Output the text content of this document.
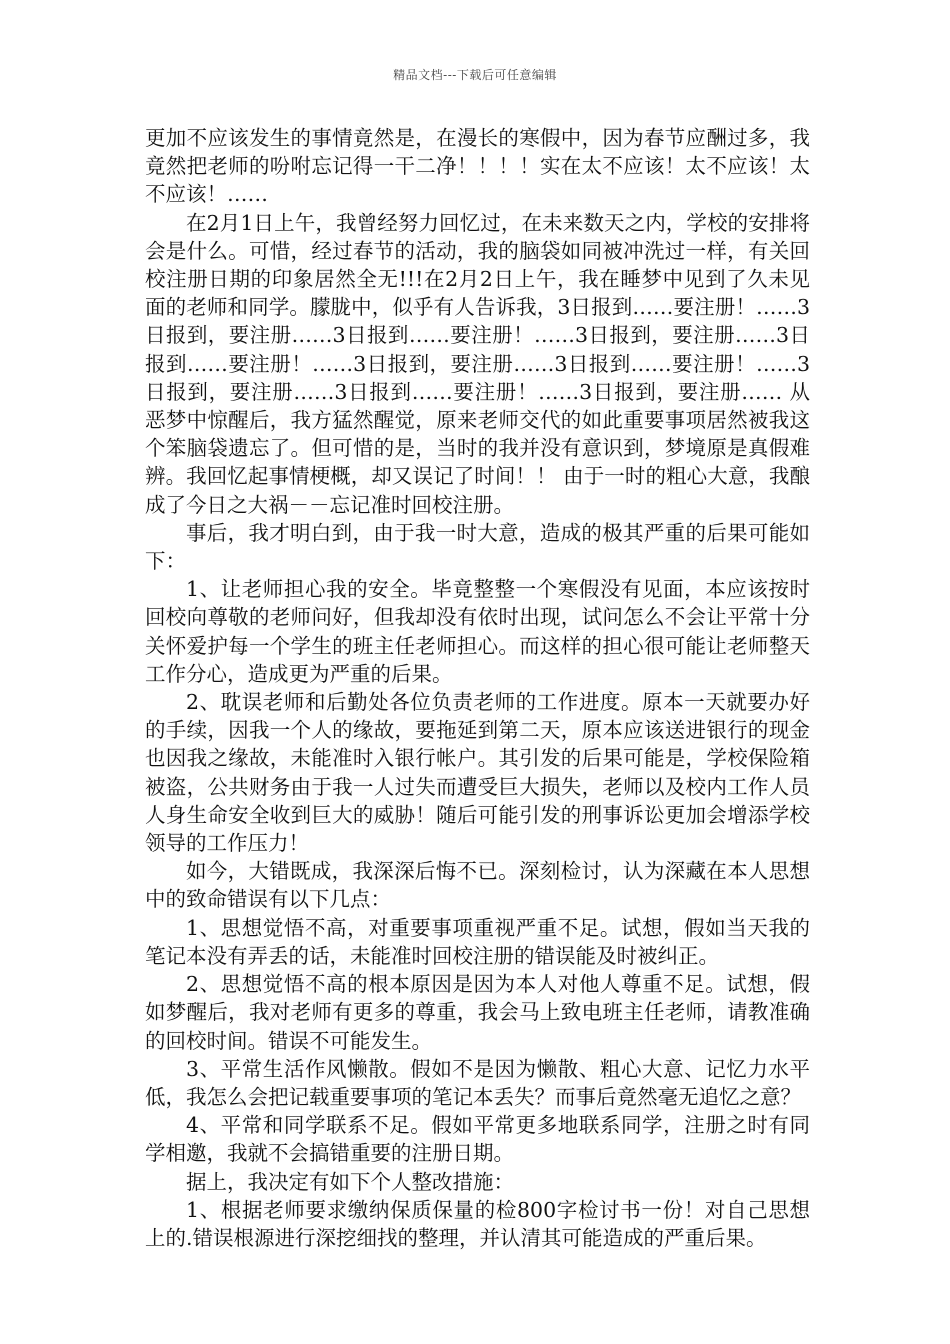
精品文档---下载后可任意编辑

更加不应该发生的事情竟然是，在漫长的寒假中，因为春节应酬过多，我竟然把老师的吩咐忘记得一干二净！！！！实在太不应该！太不应该！太不应该！……

在2月1日上午，我曾经努力回忆过，在未来数天之内，学校的安排将会是什么。可惜，经过春节的活动，我的脑袋如同被冲洗过一样，有关回校注册日期的印象居然全无!!!在2月2日上午，我在睡梦中见到了久未见面的老师和同学。朦胧中，似乎有人告诉我，3日报到……要注册！……3日报到，要注册……3日报到……要注册！……3日报到，要注册……3日报到……要注册！……3日报到，要注册……3日报到……要注册！……3日报到，要注册……3日报到……要注册！……3日报到，要注册…… 从恶梦中惊醒后，我方猛然醒觉，原来老师交代的如此重要事项居然被我这个笨脑袋遗忘了。但可惜的是，当时的我并没有意识到，梦境原是真假难辨。我回忆起事情梗概，却又误记了时间！！ 由于一时的粗心大意，我酿成了今日之大祸－－忘记准时回校注册。

事后，我才明白到，由于我一时大意，造成的极其严重的后果可能如下：

1、让老师担心我的安全。毕竟整整一个寒假没有见面，本应该按时回校向尊敬的老师问好，但我却没有依时出现，试问怎么不会让平常十分关怀爱护每一个学生的班主任老师担心。而这样的担心很可能让老师整天工作分心，造成更为严重的后果。

2、耽误老师和后勤处各位负责老师的工作进度。原本一天就要办好的手续，因我一个人的缘故，要拖延到第二天，原本应该送进银行的现金也因我之缘故，未能准时入银行帐户。其引发的后果可能是，学校保险箱被盗，公共财务由于我一人过失而遭受巨大损失，老师以及校内工作人员人身生命安全收到巨大的威胁！随后可能引发的刑事诉讼更加会增添学校领导的工作压力！

如今，大错既成，我深深后悔不已。深刻检讨，认为深藏在本人思想中的致命错误有以下几点：

1、思想觉悟不高，对重要事项重视严重不足。试想，假如当天我的笔记本没有弄丢的话，未能准时回校注册的错误能及时被纠正。

2、思想觉悟不高的根本原因是因为本人对他人尊重不足。试想，假如梦醒后，我对老师有更多的尊重，我会马上致电班主任老师，请教准确的回校时间。错误不可能发生。

3、平常生活作风懒散。假如不是因为懒散、粗心大意、记忆力水平低，我怎么会把记载重要事项的笔记本丢失？而事后竟然毫无追忆之意？

4、平常和同学联系不足。假如平常更多地联系同学，注册之时有同学相邀，我就不会搞错重要的注册日期。

据上，我决定有如下个人整改措施：

1、根据老师要求缴纳保质保量的检800字检讨书一份！对自己思想上的.错误根源进行深挖细找的整理，并认清其可能造成的严重后果。
